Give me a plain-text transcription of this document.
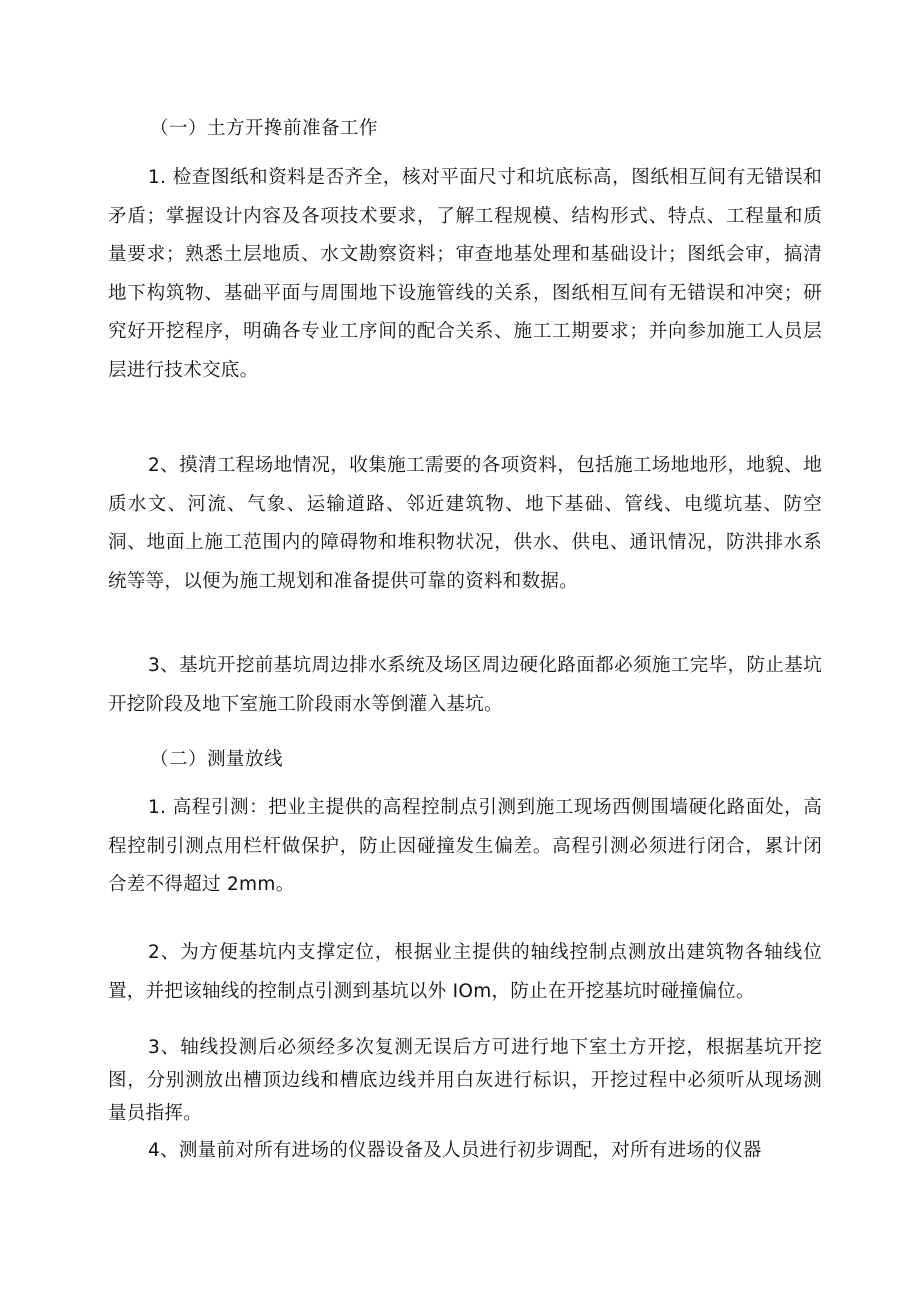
（一）土方开搀前准备工作

1. 检查图纸和资料是否齐全，核对平面尺寸和坑底标高，图纸相互间有无错误和矛盾；掌握设计内容及各项技术要求，了解工程规模、结构形式、特点、工程量和质量要求；熟悉土层地质、水文勘察资料；审查地基处理和基础设计；图纸会审，搞清地下构筑物、基础平面与周围地下设施管线的关系，图纸相互间有无错误和冲突；研究好开挖程序，明确各专业工序间的配合关系、施工工期要求；并向参加施工人员层层进行技术交底。

2、摸清工程场地情况，收集施工需要的各项资料，包括施工场地地形，地貌、地质水文、河流、气象、运输道路、邻近建筑物、地下基础、管线、电缆坑基、防空洞、地面上施工范围内的障碍物和堆积物状况，供水、供电、通讯情况，防洪排水系统等等，以便为施工规划和准备提供可靠的资料和数据。

3、基坑开挖前基坑周边排水系统及场区周边硬化路面都必须施工完毕，防止基坑开挖阶段及地下室施工阶段雨水等倒灌入基坑。

（二）测量放线

1. 高程引测：把业主提供的高程控制点引测到施工现场西侧围墙硬化路面处，高程控制引测点用栏杆做保护，防止因碰撞发生偏差。高程引测必须进行闭合，累计闭合差不得超过 2mm。

2、为方便基坑内支撑定位，根据业主提供的轴线控制点测放出建筑物各轴线位置，并把该轴线的控制点引测到基坑以外 IOm，防止在开挖基坑时碰撞偏位。

3、轴线投测后必须经多次复测无误后方可进行地下室土方开挖，根据基坑开挖图，分别测放出槽顶边线和槽底边线并用白灰进行标识，开挖过程中必须听从现场测量员指挥。

4、测量前对所有进场的仪器设备及人员进行初步调配，对所有进场的仪器
